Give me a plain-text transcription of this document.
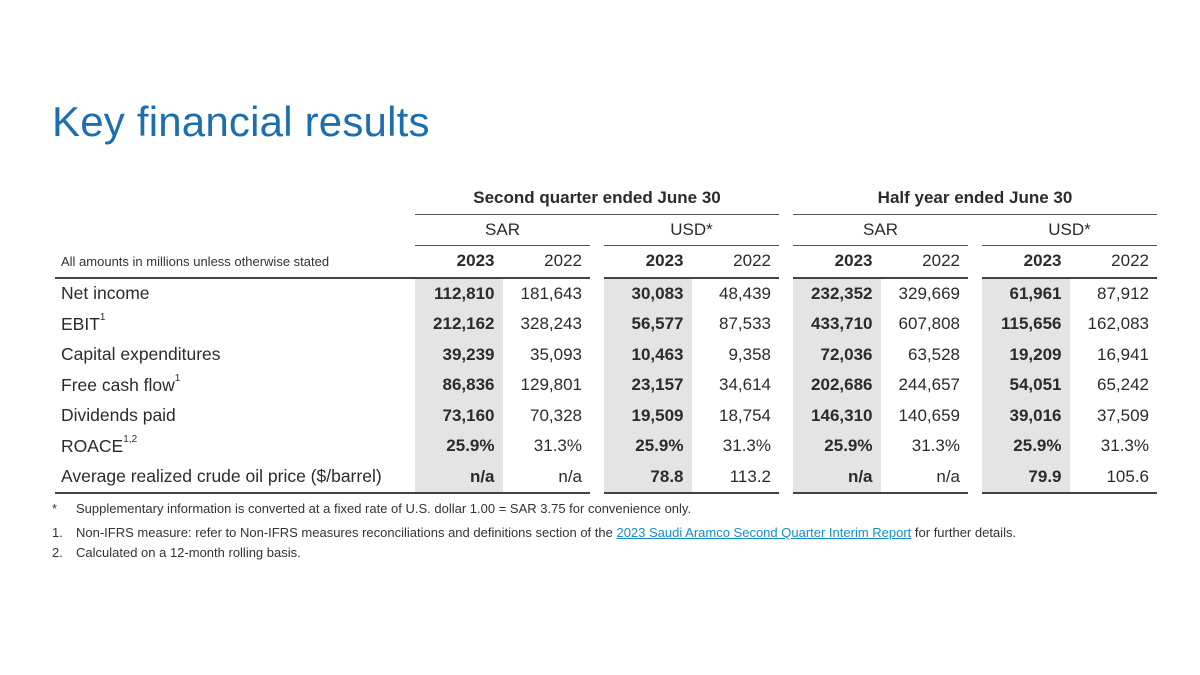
Key financial results
	Second quarter ended June 30						Half year ended June 30				
	SAR			USD*			SAR			USD*	
All amounts in millions unless otherwise stated	2023	2022		2023	2022		2023	2022		2023	2022
Net income	112,810	181,643		30,083	48,439		232,352	329,669		61,961	87,912
EBIT$^1$	212,162	328,243		56,577	87,533		433,710	607,808		115,656	162,083
Capital expenditures	39,239	35,093		10,463	9,358		72,036	63,528		19,209	16,941
Free cash flow$^1$	86,836	129,801		23,157	34,614		202,686	244,657		54,051	65,242
Dividends paid	73,160	70,328		19,509	18,754		146,310	140,659		39,016	37,509
ROACE$^{1,2}$	25.9%	31.3%		25.9%	31.3%		25.9%	31.3%		25.9%	31.3%
Average realized crude oil price ($/barrel)	n/a	n/a		78.8	113.2		n/a	n/a		79.9	105.6
*	Supplementary information is converted at a fixed rate of U.S. dollar 1.00 = SAR 3.75 for convenience only.
1.	Non-IFRS measure: refer to Non-IFRS measures reconciliations and definitions section of the 2023 Saudi Aramco Second Quarter Interim Report for further details.
2.	Calculated on a 12-month rolling basis.
